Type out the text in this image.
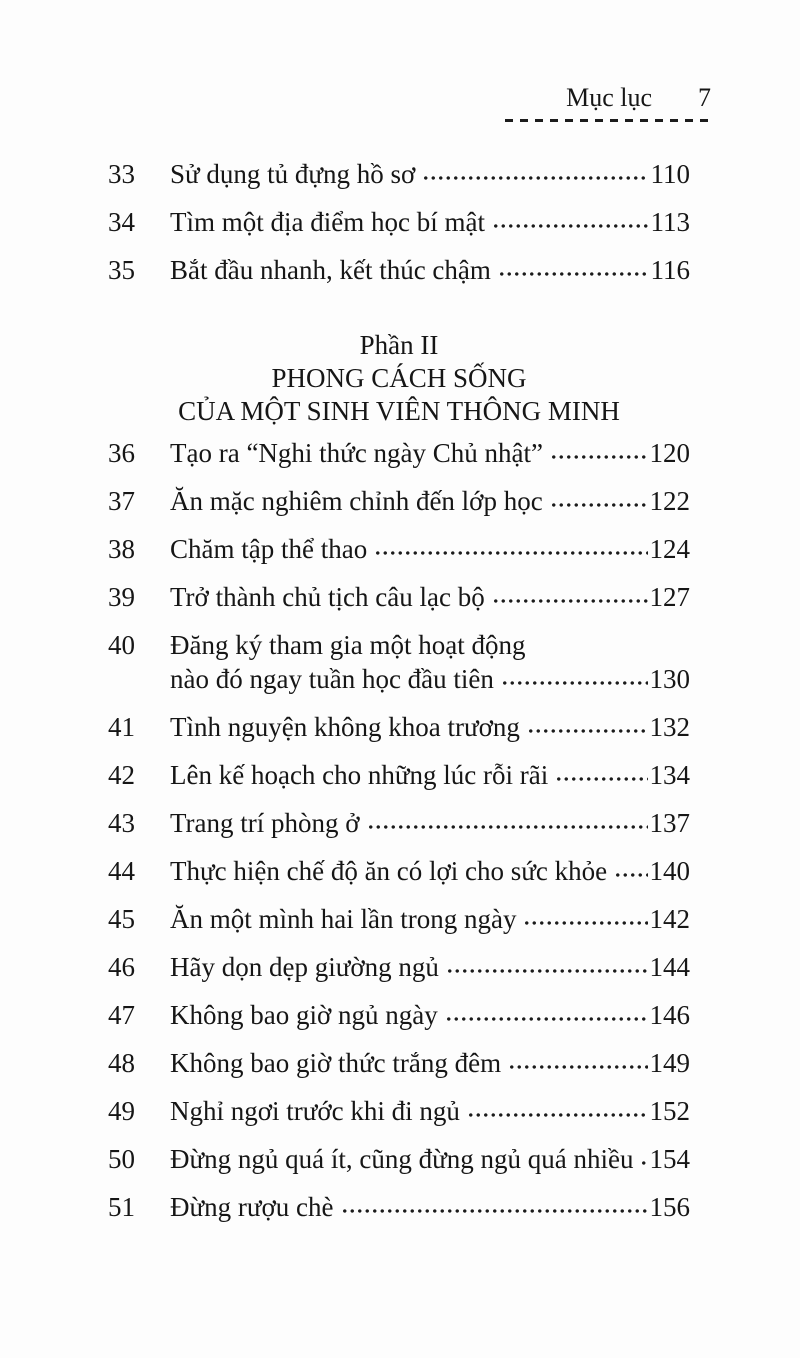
Mục lục 7
33	Sử dụng tủ đựng hồ sơ	110
34	Tìm một địa điểm học bí mật	113
35	Bắt đầu nhanh, kết thúc chậm	116
Phần II
PHONG CÁCH SỐNG
CỦA MỘT SINH VIÊN THÔNG MINH
36	Tạo ra “Nghi thức ngày Chủ nhật”	120
37	Ăn mặc nghiêm chỉnh đến lớp học	122
38	Chăm tập thể thao	124
39	Trở thành chủ tịch câu lạc bộ	127
40	Đăng ký tham gia một hoạt động
nào đó ngay tuần học đầu tiên	130
41	Tình nguyện không khoa trương	132
42	Lên kế hoạch cho những lúc rỗi rãi	134
43	Trang trí phòng ở	137
44	Thực hiện chế độ ăn có lợi cho sức khỏe 140
45	Ăn một mình hai lần trong ngày	142
46	Hãy dọn dẹp giường ngủ	144
47	Không bao giờ ngủ ngày	146
48	Không bao giờ thức trắng đêm	149
49	Nghỉ ngơi trước khi đi ngủ	152
50	Đừng ngủ quá ít, cũng đừng ngủ quá nhiều 154
51	Đừng rượu chè	156
